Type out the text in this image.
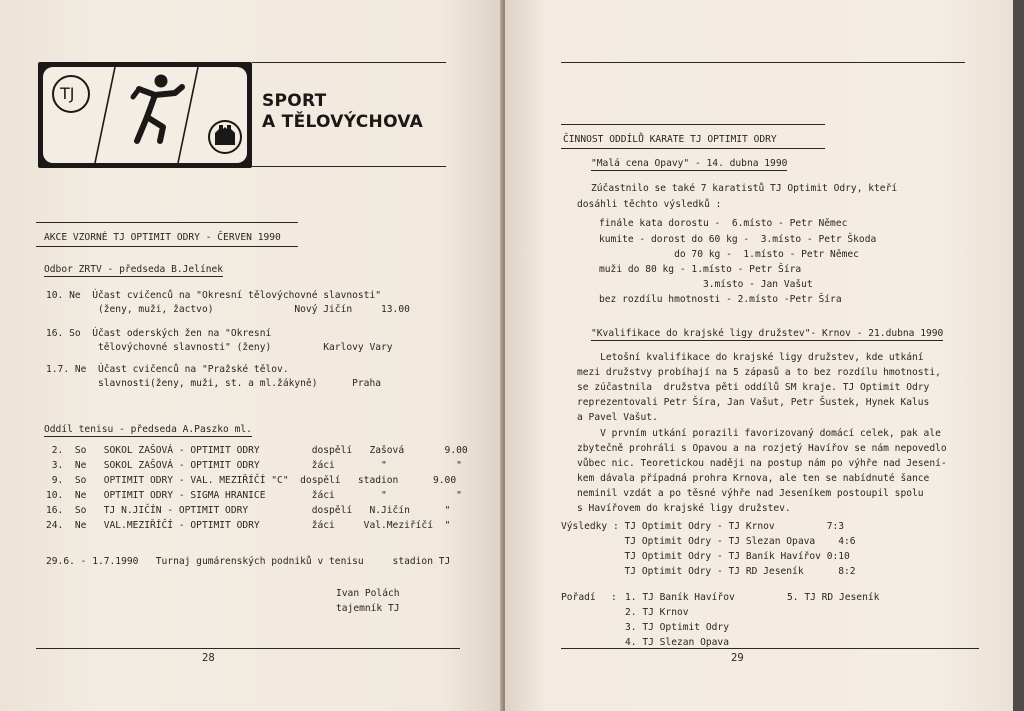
TJ	SPORT
A TĚLOVÝCHOVA
AKCE VZORNÉ TJ OPTIMIT ODRY - ČERVEN 1990
Odbor ZRTV - předseda B.Jelínek
10. Ne  Účast cvičenců na "Okresní tělovýchovné slavnosti"
(ženy, muži, žactvo)              Nový Jičín     13.00
16. So  Účast oderských žen na "Okresní
tělovýchovné slavnosti" (ženy)         Karlovy Vary
1.7. Ne  Účast cvičenců na "Pražské tělov.
slavnosti(ženy, muži, st. a ml.žákyně)      Praha
Oddíl tenisu - předseda A.Paszko ml.
2.  So   SOKOL ZAŠOVÁ - OPTIMIT ODRY         dospělí   Zašová       9.00
3.  Ne   SOKOL ZAŠOVÁ - OPTIMIT ODRY         žáci        "            "
9.  So   OPTIMIT ODRY - VAL. MEZIŘÍČÍ "C"  dospělí   stadion      9.00
10.  Ne   OPTIMIT ODRY - SIGMA HRANICE        žáci        "            "
16.  So   TJ N.JIČÍN - OPTIMIT ODRY           dospělí   N.Jičín      "
24.  Ne   VAL.MEZIŘÍČÍ - OPTIMIT ODRY         žáci     Val.Meziříčí  "
29.6. - 1.7.1990   Turnaj gumárenských podniků v tenisu     stadion TJ
Ivan Polách
tajemník TJ
28
ČINNOST ODDÍLŮ KARATE TJ OPTIMIT ODRY
"Malá cena Opavy" - 14. dubna 1990
Zúčastnilo se také 7 karatistů TJ Optimit Odry, kteří
dosáhli těchto výsledků :
finále kata dorostu -  6.místo - Petr Němec
kumite - dorost do 60 kg -  3.místo - Petr Škoda
do 70 kg -  1.místo - Petr Němec
muži do 80 kg - 1.místo - Petr Šíra
3.místo - Jan Vašut
bez rozdílu hmotnosti - 2.místo -Petr Šíra
"Kvalifikace do krajské ligy družstev"- Krnov - 21.dubna 1990
Letošní kvalifikace do krajské ligy družstev, kde utkání
mezi družstvy probíhají na 5 zápasů a to bez rozdílu hmotnosti,
se zúčastnila  družstva pěti oddílů SM kraje. TJ Optimit Odry
reprezentovali Petr Šíra, Jan Vašut, Petr Šustek, Hynek Kalus
a Pavel Vašut.
V prvním utkání porazili favorizovaný domácí celek, pak ale
zbytečně prohráli s Opavou a na rozjetý Havířov se nám nepovedlo
vůbec nic. Teoretickou naději na postup nám po výhře nad Jesení-
kem dávala případná prohra Krnova, ale ten se nabídnuté šance
neminil vzdát a po těsné výhře nad Jeseníkem postoupil spolu
s Havířovem do krajské ligy družstev.
Výsledky : TJ Optimit Odry - TJ Krnov         7:3
TJ Optimit Odry - TJ Slezan Opava    4:6
TJ Optimit Odry - TJ Baník Havířov 0:10
TJ Optimit Odry - TJ RD Jeseník      8:2
Pořadí : 1. TJ Baník Havířov
2. TJ Krnov
3. TJ Optimit Odry
4. TJ Slezan Opava
5. TJ RD Jeseník
29
